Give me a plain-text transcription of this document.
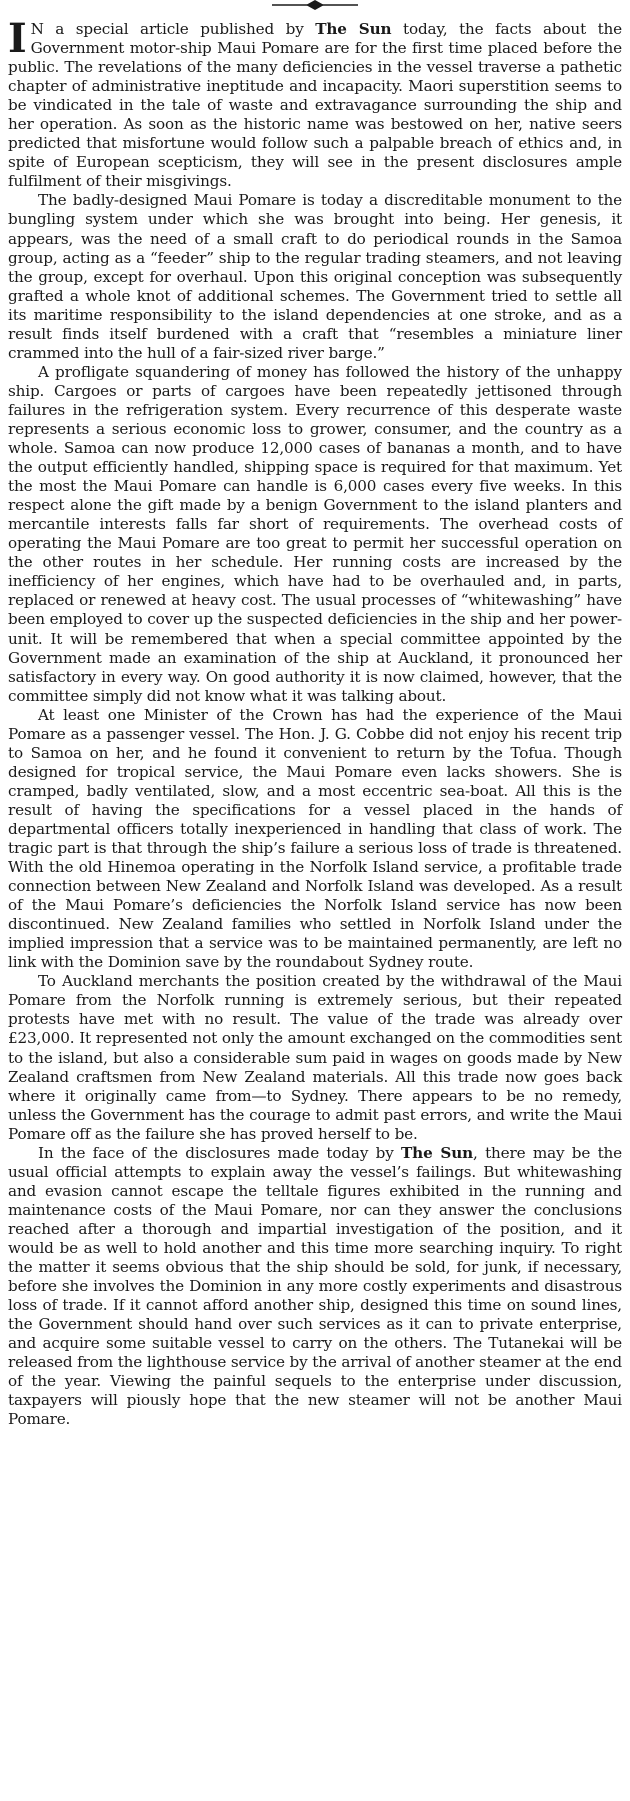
I N a special article published by The Sun today, the facts about the Government motor-ship Maui Pomare are for the first time placed before the public. The revelations of the many deficiencies in the vessel traverse a pathetic chapter of administrative ineptitude and incapacity. Maori superstition seems to be vindicated in the tale of waste and extravagance surrounding the ship and her operation. As soon as the historic name was bestowed on her, native seers predicted that misfortune would follow such a palpable breach of ethics and, in spite of European scepticism, they will see in the present disclosures ample fulfilment of their misgivings.

The badly-designed Maui Pomare is today a discreditable monument to the bungling system under which she was brought into being. Her genesis, it appears, was the need of a small craft to do periodical rounds in the Samoa group, acting as a “feeder” ship to the regular trading steamers, and not leaving the group, except for overhaul. Upon this original conception was subsequently grafted a whole knot of additional schemes. The Government tried to settle all its maritime responsibility to the island dependencies at one stroke, and as a result finds itself burdened with a craft that “resembles a miniature liner crammed into the hull of a fair-sized river barge.”

A profligate squandering of money has followed the history of the unhappy ship. Cargoes or parts of cargoes have been repeatedly jettisoned through failures in the refrigeration system. Every recurrence of this desperate waste represents a serious economic loss to grower, consumer, and the country as a whole. Samoa can now produce 12,000 cases of bananas a month, and to have the output efficiently handled, shipping space is required for that maximum. Yet the most the Maui Pomare can handle is 6,000 cases every five weeks. In this respect alone the gift made by a benign Government to the island planters and mercantile interests falls far short of requirements. The overhead costs of operating the Maui Pomare are too great to permit her successful operation on the other routes in her schedule. Her running costs are increased by the inefficiency of her engines, which have had to be overhauled and, in parts, replaced or renewed at heavy cost. The usual processes of “whitewashing” have been employed to cover up the suspected deficiencies in the ship and her power-unit. It will be remembered that when a special committee appointed by the Government made an examination of the ship at Auckland, it pronounced her satisfactory in every way. On good authority it is now claimed, however, that the committee simply did not know what it was talking about.

At least one Minister of the Crown has had the experience of the Maui Pomare as a passenger vessel. The Hon. J. G. Cobbe did not enjoy his recent trip to Samoa on her, and he found it convenient to return by the Tofua. Though designed for tropical service, the Maui Pomare even lacks showers. She is cramped, badly ventilated, slow, and a most eccentric sea-boat. All this is the result of having the specifications for a vessel placed in the hands of departmental officers totally inexperienced in handling that class of work. The tragic part is that through the ship’s failure a serious loss of trade is threatened. With the old Hinemoa operating in the Norfolk Island service, a profitable trade connection between New Zealand and Norfolk Island was developed. As a result of the Maui Pomare’s deficiencies the Norfolk Island service has now been discontinued. New Zealand families who settled in Norfolk Island under the implied impression that a service was to be maintained permanently, are left no link with the Dominion save by the roundabout Sydney route.

To Auckland merchants the position created by the withdrawal of the Maui Pomare from the Norfolk running is extremely serious, but their repeated protests have met with no result. The value of the trade was already over £23,000. It represented not only the amount exchanged on the commodities sent to the island, but also a considerable sum paid in wages on goods made by New Zealand craftsmen from New Zealand materials. All this trade now goes back where it originally came from—to Sydney. There appears to be no remedy, unless the Government has the courage to admit past errors, and write the Maui Pomare off as the failure she has proved herself to be.

In the face of the disclosures made today by The Sun, there may be the usual official attempts to explain away the vessel’s failings. But whitewashing and evasion cannot escape the telltale figures exhibited in the running and maintenance costs of the Maui Pomare, nor can they answer the conclusions reached after a thorough and impartial investigation of the position, and it would be as well to hold another and this time more searching inquiry. To right the matter it seems obvious that the ship should be sold, for junk, if necessary, before she involves the Dominion in any more costly experiments and disastrous loss of trade. If it cannot afford another ship, designed this time on sound lines, the Government should hand over such services as it can to private enterprise, and acquire some suitable vessel to carry on the others. The Tutanekai will be released from the lighthouse service by the arrival of another steamer at the end of the year. Viewing the painful sequels to the enterprise under discussion, taxpayers will piously hope that the new steamer will not be another Maui Pomare.
